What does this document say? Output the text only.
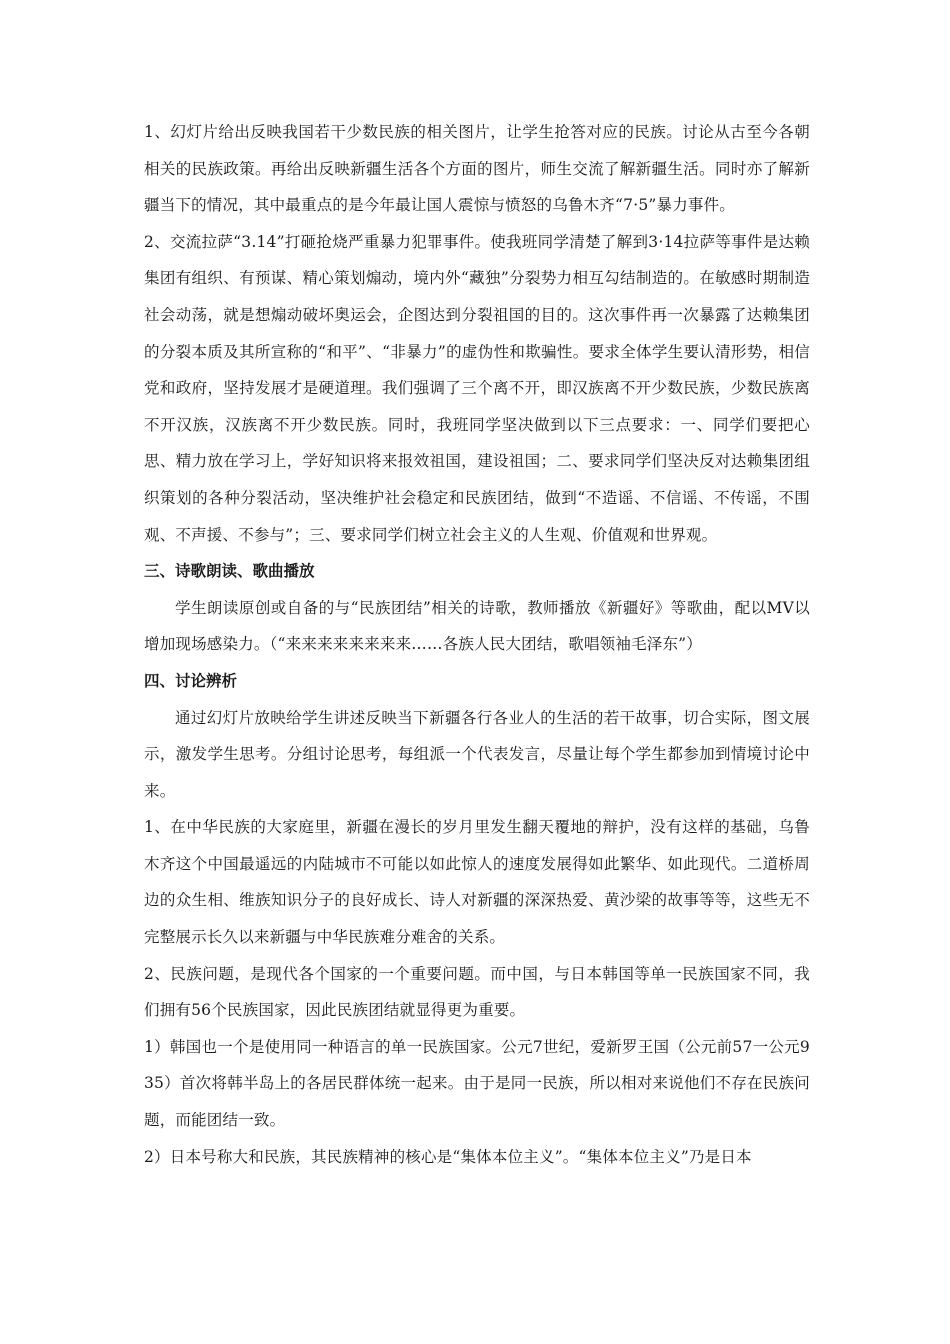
1、幻灯片给出反映我国若干少数民族的相关图片，让学生抢答对应的民族。讨论从古至今各朝相关的民族政策。再给出反映新疆生活各个方面的图片，师生交流了解新疆生活。同时亦了解新疆当下的情况，其中最重点的是今年最让国人震惊与愤怒的乌鲁木齐“7·5”暴力事件。

2、交流拉萨“3.14”打砸抢烧严重暴力犯罪事件。使我班同学清楚了解到3·14拉萨等事件是达赖集团有组织、有预谋、精心策划煽动，境内外“藏独”分裂势力相互勾结制造的。在敏感时期制造社会动荡，就是想煽动破坏奥运会，企图达到分裂祖国的目的。这次事件再一次暴露了达赖集团的分裂本质及其所宣称的“和平”、“非暴力”的虚伪性和欺骗性。要求全体学生要认清形势，相信党和政府，坚持发展才是硬道理。我们强调了三个离不开，即汉族离不开少数民族，少数民族离不开汉族，汉族离不开少数民族。同时，我班同学坚决做到以下三点要求：一、同学们要把心思、精力放在学习上，学好知识将来报效祖国，建设祖国；二、要求同学们坚决反对达赖集团组织策划的各种分裂活动，坚决维护社会稳定和民族团结，做到“不造谣、不信谣、不传谣，不围观、不声援、不参与”；三、要求同学们树立社会主义的人生观、价值观和世界观。

三、诗歌朗读、歌曲播放

学生朗读原创或自备的与“民族团结”相关的诗歌，教师播放《新疆好》等歌曲，配以MV以增加现场感染力。（“来来来来来来来来……各族人民大团结，歌唱领袖毛泽东”）

四、讨论辨析

通过幻灯片放映给学生讲述反映当下新疆各行各业人的生活的若干故事，切合实际，图文展示，激发学生思考。分组讨论思考，每组派一个代表发言，尽量让每个学生都参加到情境讨论中来。

1、在中华民族的大家庭里，新疆在漫长的岁月里发生翻天覆地的辩护，没有这样的基础，乌鲁木齐这个中国最遥远的内陆城市不可能以如此惊人的速度发展得如此繁华、如此现代。二道桥周边的众生相、维族知识分子的良好成长、诗人对新疆的深深热爱、黄沙梁的故事等等，这些无不完整展示长久以来新疆与中华民族难分难舍的关系。

2、民族问题，是现代各个国家的一个重要问题。而中国，与日本韩国等单一民族国家不同，我们拥有56个民族国家，因此民族团结就显得更为重要。

1）韩国也一个是使用同一种语言的单一民族国家。公元7世纪，爱新罗王国（公元前57一公元935）首次将韩半岛上的各居民群体统一起来。由于是同一民族，所以相对来说他们不存在民族问题，而能团结一致。

2）日本号称大和民族，其民族精神的核心是“集体本位主义”。“集体本位主义”乃是日本
